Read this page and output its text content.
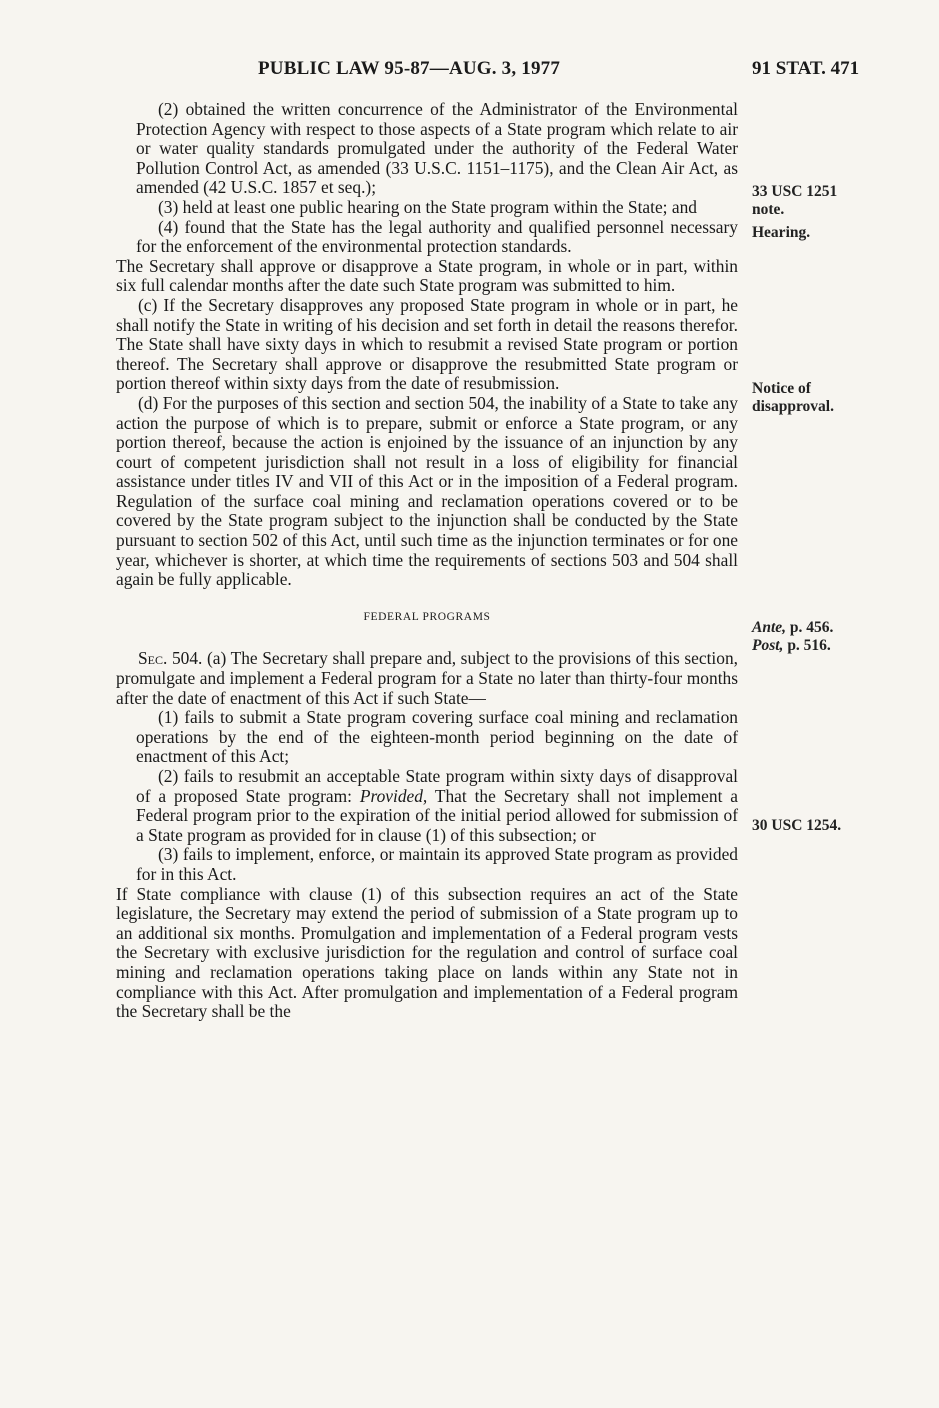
PUBLIC LAW 95-87—AUG. 3, 1977	91 STAT. 471

(2) obtained the written concurrence of the Administrator of the Environmental Protection Agency with respect to those aspects of a State program which relate to air or water quality standards promulgated under the authority of the Federal Water Pollution Control Act, as amended (33 U.S.C. 1151–1175), and the Clean Air Act, as amended (42 U.S.C. 1857 et seq.);

(3) held at least one public hearing on the State program within the State; and

(4) found that the State has the legal authority and qualified personnel necessary for the enforcement of the environmental protection standards.

The Secretary shall approve or disapprove a State program, in whole or in part, within six full calendar months after the date such State program was submitted to him.

(c) If the Secretary disapproves any proposed State program in whole or in part, he shall notify the State in writing of his decision and set forth in detail the reasons therefor. The State shall have sixty days in which to resubmit a revised State program or portion thereof. The Secretary shall approve or disapprove the resubmitted State program or portion thereof within sixty days from the date of resubmission.

(d) For the purposes of this section and section 504, the inability of a State to take any action the purpose of which is to prepare, submit or enforce a State program, or any portion thereof, because the action is enjoined by the issuance of an injunction by any court of competent jurisdiction shall not result in a loss of eligibility for financial assistance under titles IV and VII of this Act or in the imposition of a Federal program. Regulation of the surface coal mining and reclamation operations covered or to be covered by the State program subject to the injunction shall be conducted by the State pursuant to section 502 of this Act, until such time as the injunction terminates or for one year, whichever is shorter, at which time the requirements of sections 503 and 504 shall again be fully applicable.

FEDERAL PROGRAMS

Sec. 504. (a) The Secretary shall prepare and, subject to the provisions of this section, promulgate and implement a Federal program for a State no later than thirty-four months after the date of enactment of this Act if such State—

(1) fails to submit a State program covering surface coal mining and reclamation operations by the end of the eighteen-month period beginning on the date of enactment of this Act;

(2) fails to resubmit an acceptable State program within sixty days of disapproval of a proposed State program: Provided, That the Secretary shall not implement a Federal program prior to the expiration of the initial period allowed for submission of a State program as provided for in clause (1) of this subsection; or

(3) fails to implement, enforce, or maintain its approved State program as provided for in this Act.

If State compliance with clause (1) of this subsection requires an act of the State legislature, the Secretary may extend the period of submission of a State program up to an additional six months. Promulgation and implementation of a Federal program vests the Secretary with exclusive jurisdiction for the regulation and control of surface coal mining and reclamation operations taking place on lands within any State not in compliance with this Act. After promulgation and implementation of a Federal program the Secretary shall be the

33 USC 1251
note.
Hearing.
Notice of
disapproval.
Ante, p. 456.
Post, p. 516.
30 USC 1254.
